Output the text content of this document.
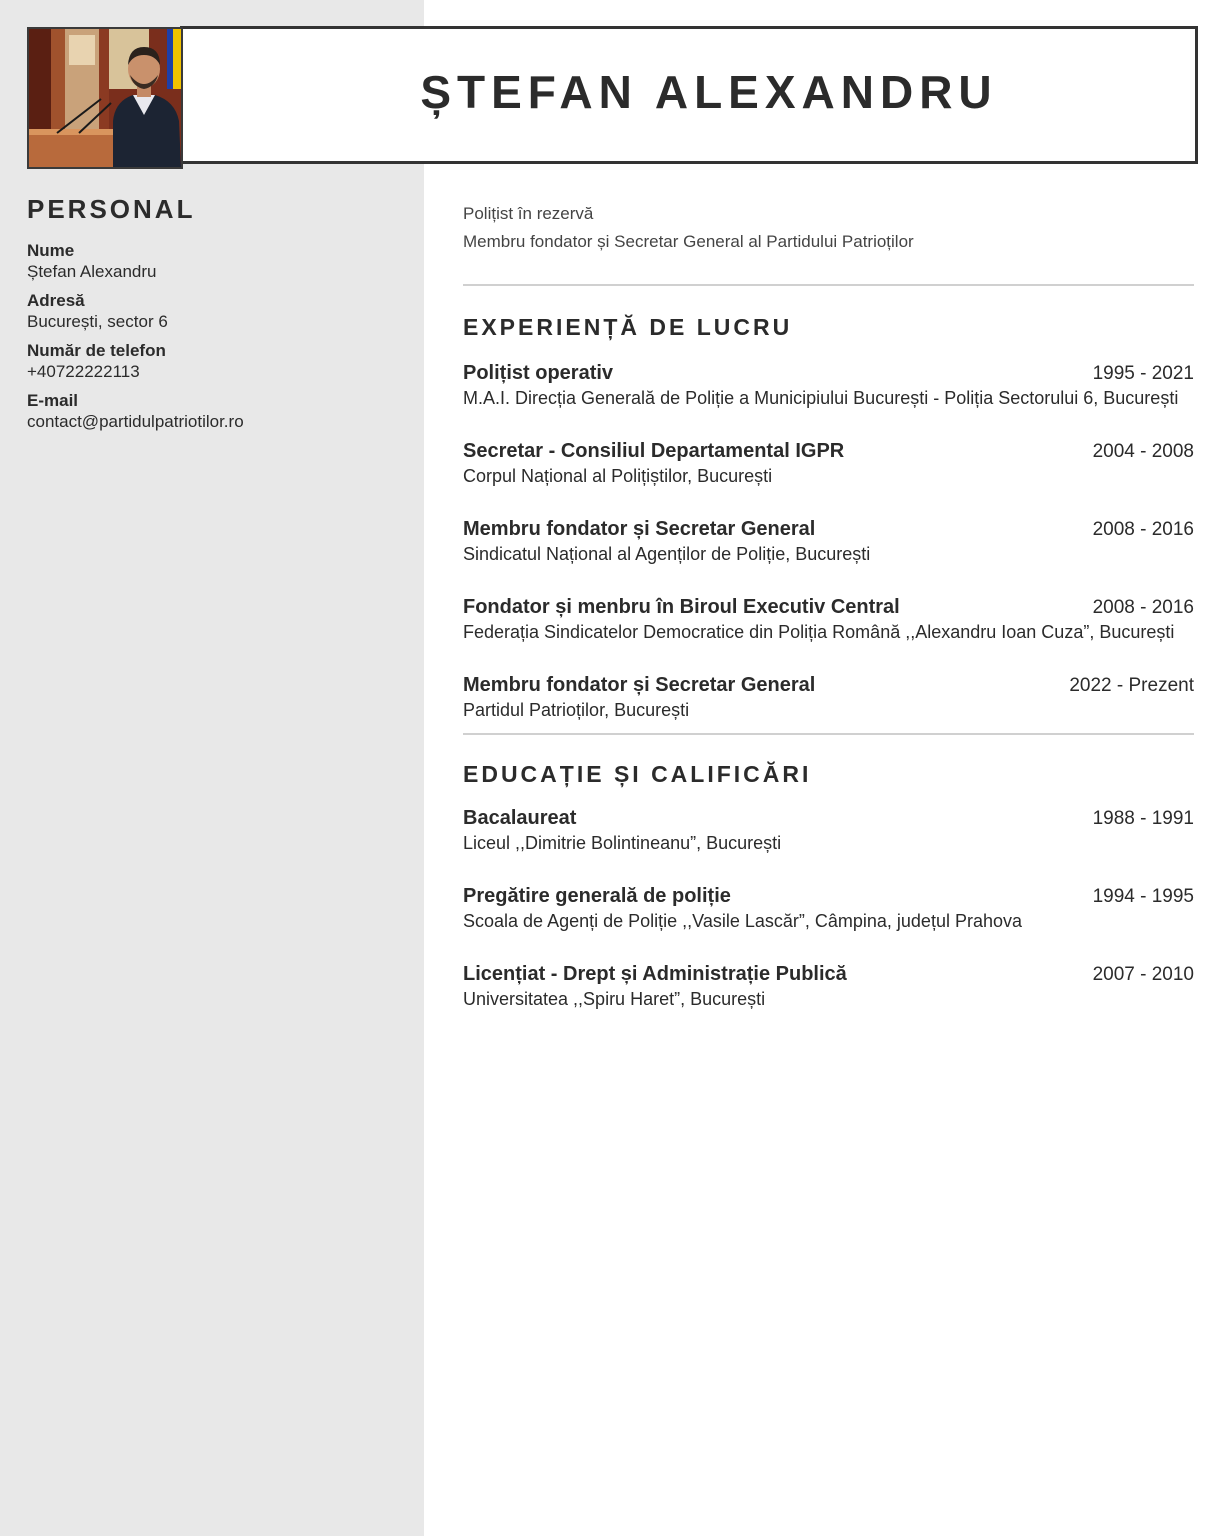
ȘTEFAN ALEXANDRU
PERSONAL
Nume
Ștefan Alexandru
Adresă
București, sector 6
Număr de telefon
+40722222113
E-mail
contact@partidulpatriotilor.ro
Polițist în rezervă
Membru fondator și Secretar General al Partidului Patrioților
EXPERIENȚĂ DE LUCRU
Polițist operativ	1995 - 2021
M.A.I. Direcția Generală de Poliție a Municipiului București - Poliția Sectorului 6, București
Secretar - Consiliul Departamental IGPR	2004 - 2008
Corpul Național al Polițiștilor, București
Membru fondator și Secretar General	2008 - 2016
Sindicatul Național al Agenților de Poliție, București
Fondator și menbru în Biroul Executiv Central	2008 - 2016
Federația Sindicatelor Democratice din Poliția Română ,,Alexandru Ioan Cuza”, București
Membru fondator și Secretar General	2022 - Prezent
Partidul Patrioților, București
EDUCAȚIE ȘI CALIFICĂRI
Bacalaureat	1988 - 1991
Liceul ,,Dimitrie Bolintineanu”, București
Pregătire generală de poliție	1994 - 1995
Scoala de Agenți de Poliție ,,Vasile Lascăr”, Câmpina, județul Prahova
Licențiat - Drept și Administrație Publică	2007 - 2010
Universitatea ,,Spiru Haret”, București
